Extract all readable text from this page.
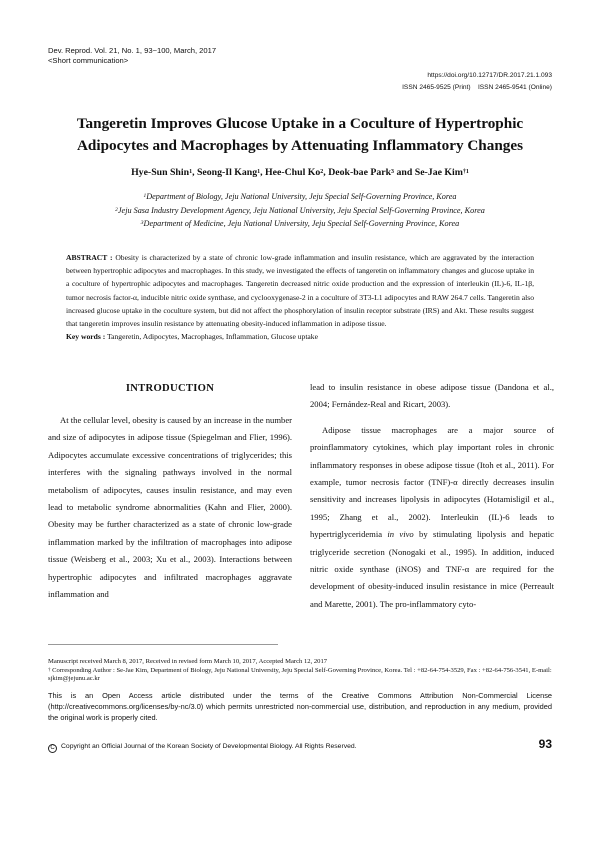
Dev. Reprod. Vol. 21, No. 1, 93~100, March, 2017
<Short communication>
https://doi.org/10.12717/DR.2017.21.1.093
ISSN 2465-9525 (Print)    ISSN 2465-9541 (Online)
Tangeretin Improves Glucose Uptake in a Coculture of Hypertrophic
Adipocytes and Macrophages by Attenuating Inflammatory Changes
Hye-Sun Shin$^1$, Seong-Il Kang$^1$, Hee-Chul Ko$^2$, Deok-bae Park$^3$ and Se-Jae Kim$^{\dagger 1}$
$^1$Department of Biology, Jeju National University, Jeju Special Self-Governing Province, Korea
$^2$Jeju Sasa Industry Development Agency, Jeju National University, Jeju Special Self-Governing Province, Korea
$^3$Department of Medicine, Jeju National University, Jeju Special Self-Governing Province, Korea
ABSTRACT : Obesity is characterized by a state of chronic low-grade inflammation and insulin resistance, which are aggravated by the interaction between hypertrophic adipocytes and macrophages. In this study, we investigated the effects of tangeretin on inflammatory changes and glucose uptake in a coculture of hypertrophic adipocytes and macrophages. Tangeretin decreased nitric oxide production and the expression of interleukin (IL)-6, IL-1β, tumor necrosis factor-α, inducible nitric oxide synthase, and cyclooxygenase-2 in a coculture of 3T3-L1 adipocytes and RAW 264.7 cells. Tangeretin also increased glucose uptake in the coculture system, but did not affect the phosphorylation of insulin receptor substrate (IRS) and Akt. These results suggest that tangeretin improves insulin resistance by attenuating obesity-induced inflammation in adipose tissue.
Key words : Tangeretin, Adipocytes, Macrophages, Inflammation, Glucose uptake
INTRODUCTION

At the cellular level, obesity is caused by an increase in the number and size of adipocytes in adipose tissue (Spiegelman and Flier, 1996). Adipocytes accumulate excessive concentrations of triglycerides; this interferes with the signaling pathways involved in the normal metabolism of adipocytes, causes insulin resistance, and may even lead to metabolic syndrome abnormalities (Kahn and Flier, 2000). Obesity may be further characterized as a state of chronic low-grade inflammation marked by the infiltration of macrophages into adipose tissue (Weisberg et al., 2003; Xu et al., 2003). Interactions between hypertrophic adipocytes and infiltrated macrophages aggravate inflammation and

lead to insulin resistance in obese adipose tissue (Dandona et al., 2004; Fernández-Real and Ricart, 2003).

Adipose tissue macrophages are a major source of proinflammatory cytokines, which play important roles in chronic inflammatory responses in obese adipose tissue (Itoh et al., 2011). For example, tumor necrosis factor (TNF)-α directly decreases insulin sensitivity and increases lipolysis in adipocytes (Hotamisligil et al., 1995; Zhang et al., 2002). Interleukin (IL)-6 leads to hypertriglyceridemia in vivo by stimulating lipolysis and hepatic triglyceride secretion (Nonogaki et al., 1995). In addition, induced nitric oxide synthase (iNOS) and TNF-α are required for the development of obesity-induced insulin resistance in mice (Perreault and Marette, 2001). The pro-inflammatory cyto-

Manuscript received March 8, 2017, Received in revised form March 10, 2017, Accepted March 12, 2017
† Corresponding Author : Se-Jae Kim, Department of Biology, Jeju National University, Jeju Special Self-Governing Province, Korea. Tel : +82-64-754-3529, Fax : +82-64-756-3541, E-mail: sjkim@jejunu.ac.kr
This is an Open Access article distributed under the terms of the Creative Commons Attribution Non-Commercial License (http://creativecommons.org/licenses/by-nc/3.0) which permits unrestricted non-commercial use, distribution, and reproduction in any medium, provided the original work is properly cited.
C Copyright an Official Journal of the Korean Society of Developmental Biology. All Rights Reserved.	93
